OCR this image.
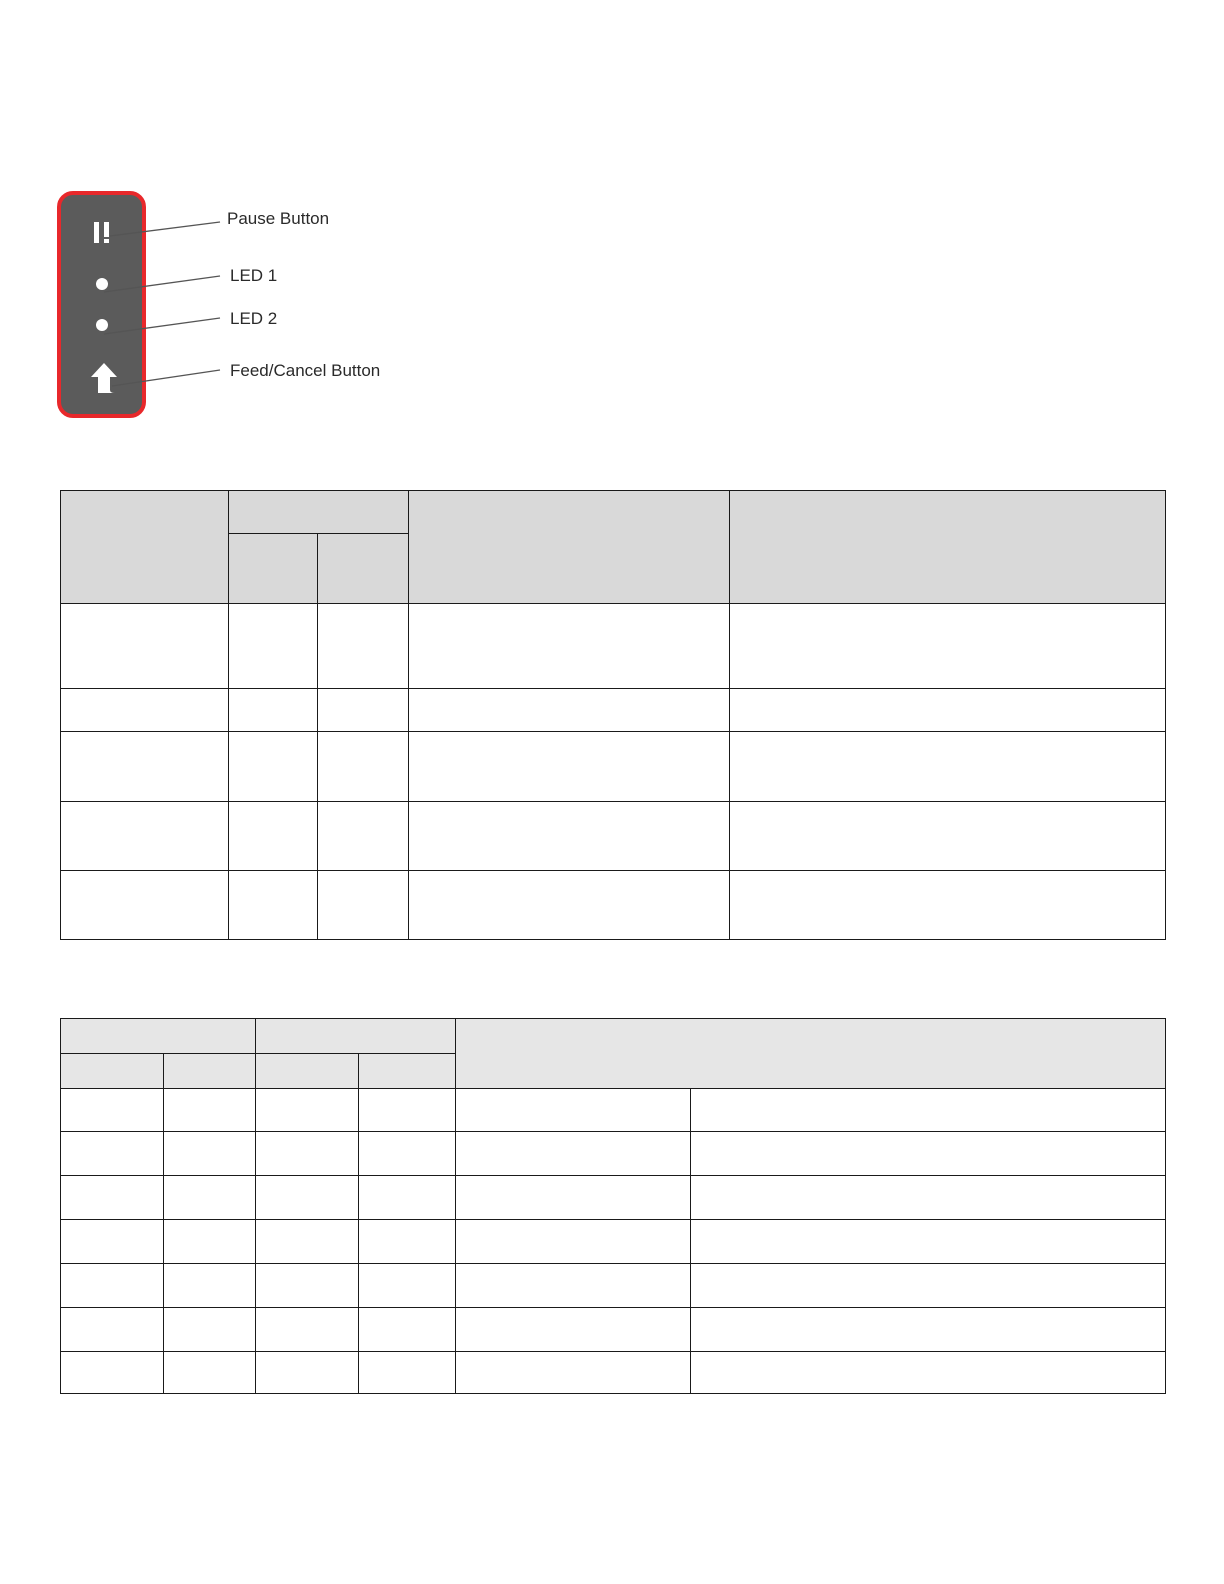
Pause Button
LED 1
LED 2
Feed/Cancel Button
